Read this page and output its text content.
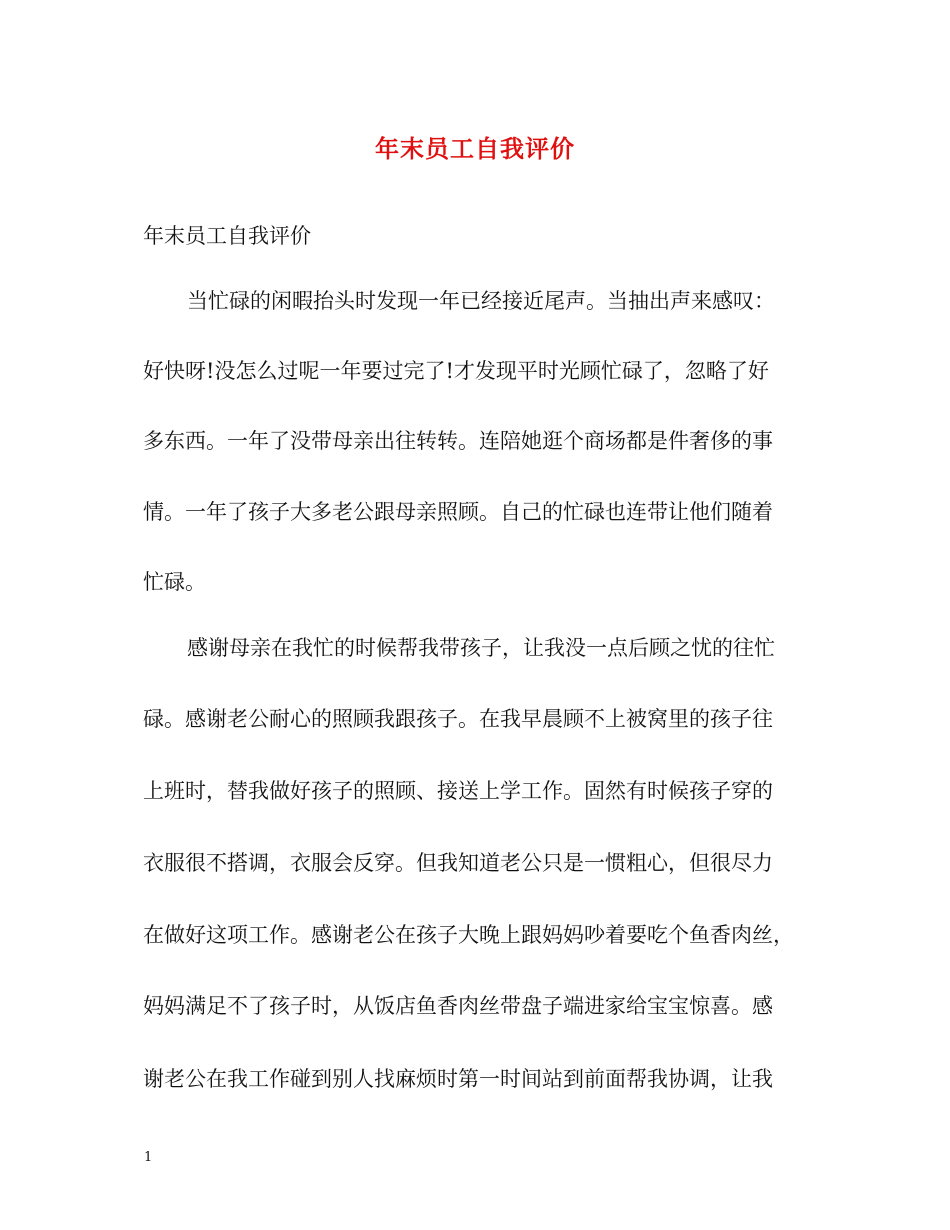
年末员工自我评价
年末员工自我评价
当忙碌的闲暇抬头时发现一年已经接近尾声。当抽出声来感叹：
好快呀!没怎么过呢一年要过完了!才发现平时光顾忙碌了，忽略了好
多东西。一年了没带母亲出往转转。连陪她逛个商场都是件奢侈的事
情。一年了孩子大多老公跟母亲照顾。自己的忙碌也连带让他们随着
忙碌。
感谢母亲在我忙的时候帮我带孩子，让我没一点后顾之忧的往忙
碌。感谢老公耐心的照顾我跟孩子。在我早晨顾不上被窝里的孩子往
上班时，替我做好孩子的照顾、接送上学工作。固然有时候孩子穿的
衣服很不搭调，衣服会反穿。但我知道老公只是一惯粗心，但很尽力
在做好这项工作。感谢老公在孩子大晚上跟妈妈吵着要吃个鱼香肉丝，
妈妈满足不了孩子时，从饭店鱼香肉丝带盘子端进家给宝宝惊喜。感
谢老公在我工作碰到别人找麻烦时第一时间站到前面帮我协调，让我
1
